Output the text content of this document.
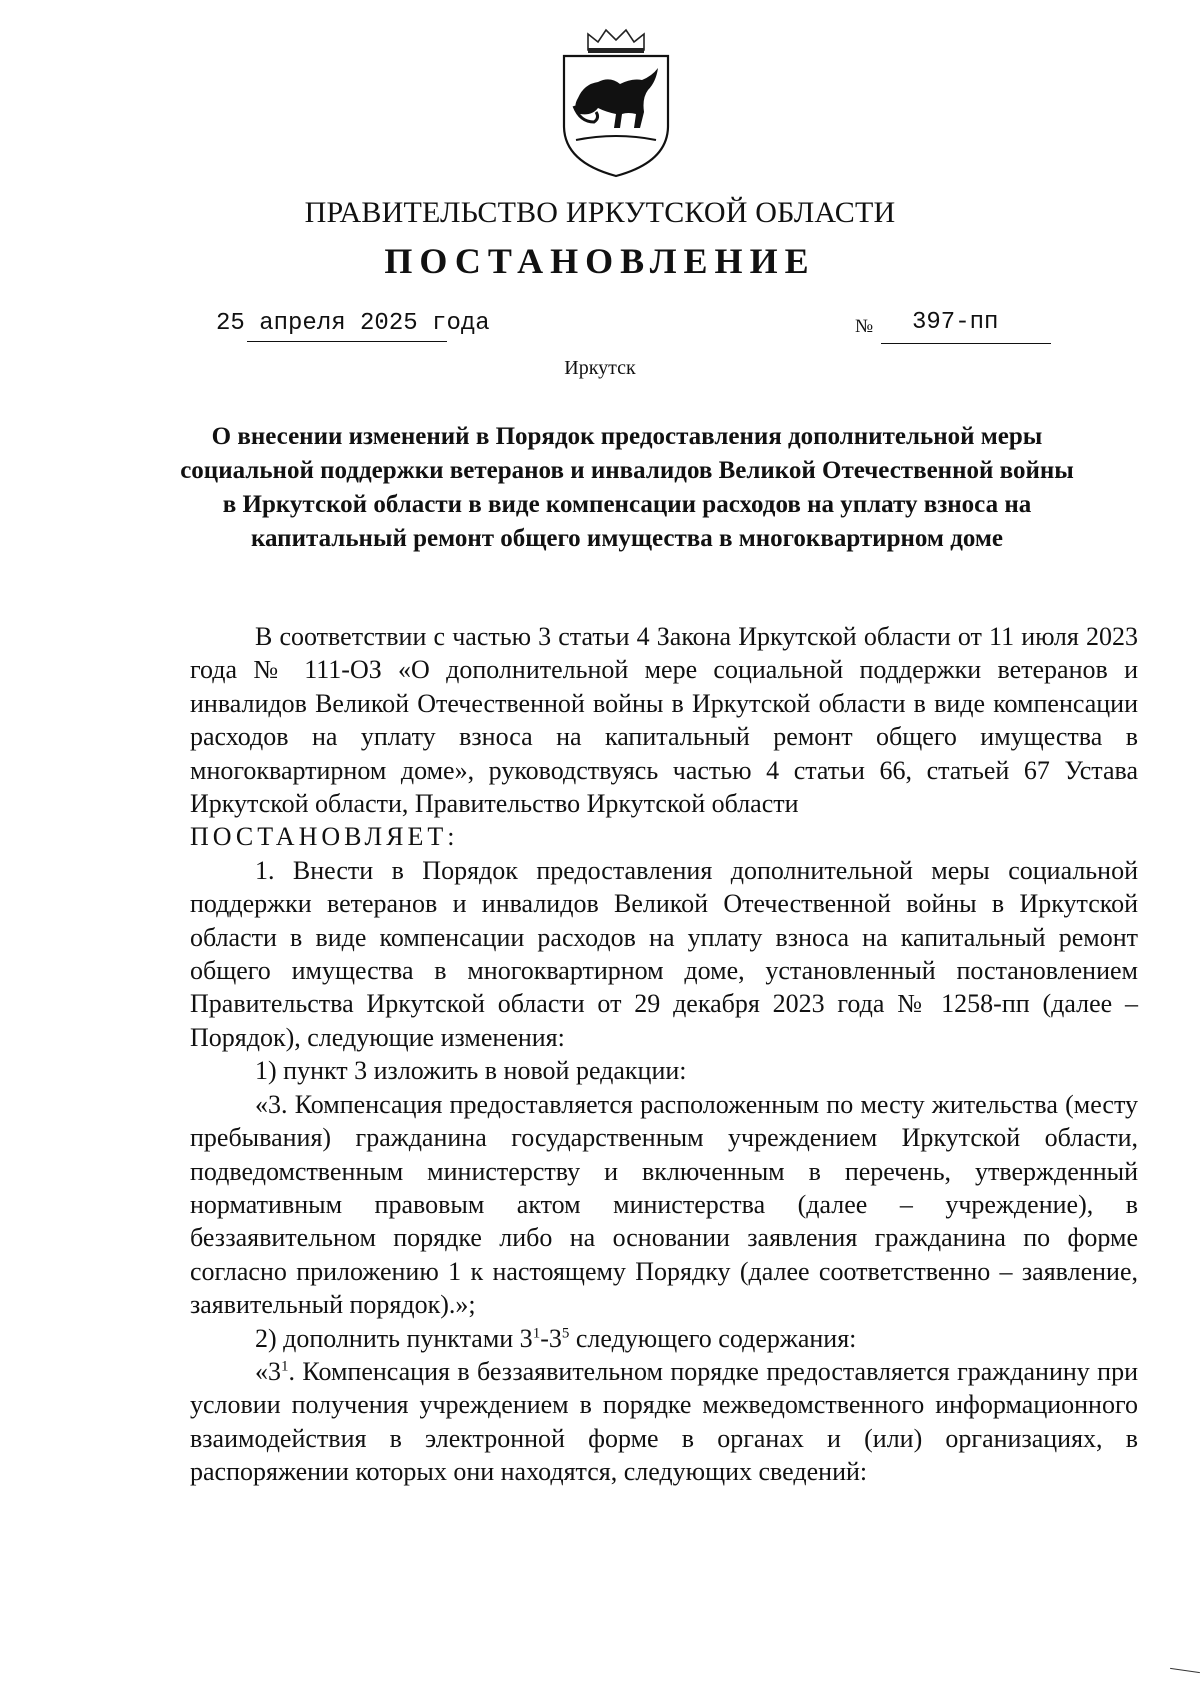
ПРАВИТЕЛЬСТВО ИРКУТСКОЙ ОБЛАСТИ
ПОСТАНОВЛЕНИЕ
25 апреля 2025 года	№ 397-пп
Иркутск
О внесении изменений в Порядок предоставления дополнительной меры социальной поддержки ветеранов и инвалидов Великой Отечественной войны в Иркутской области в виде компенсации расходов на уплату взноса на капитальный ремонт общего имущества в многоквартирном доме

В соответствии с частью 3 статьи 4 Закона Иркутской области от 11 июля 2023 года № 111-ОЗ «О дополнительной мере социальной поддержки ветеранов и инвалидов Великой Отечественной войны в Иркутской области в виде компенсации расходов на уплату взноса на капитальный ремонт общего имущества в многоквартирном доме», руководствуясь частью 4 статьи 66, статьей 67 Устава Иркутской области, Правительство Иркутской области

ПОСТАНОВЛЯЕТ:

1. Внести в Порядок предоставления дополнительной меры социальной поддержки ветеранов и инвалидов Великой Отечественной войны в Иркутской области в виде компенсации расходов на уплату взноса на капитальный ремонт общего имущества в многоквартирном доме, установленный постановлением Правительства Иркутской области от 29 декабря 2023 года № 1258-пп (далее – Порядок), следующие изменения:

1) пункт 3 изложить в новой редакции:

«3. Компенсация предоставляется расположенным по месту жительства (месту пребывания) гражданина государственным учреждением Иркутской области, подведомственным министерству и включенным в перечень, утвержденный нормативным правовым актом министерства (далее – учреждение), в беззаявительном порядке либо на основании заявления гражданина по форме согласно приложению 1 к настоящему Порядку (далее соответственно – заявление, заявительный порядок).»;

2) дополнить пунктами $3^1-3^5$ следующего содержания:

«$3^1$. Компенсация в беззаявительном порядке предоставляется гражданину при условии получения учреждением в порядке межведомственного информационного взаимодействия в электронной форме в органах и (или) организациях, в распоряжении которых они находятся, следующих сведений:
